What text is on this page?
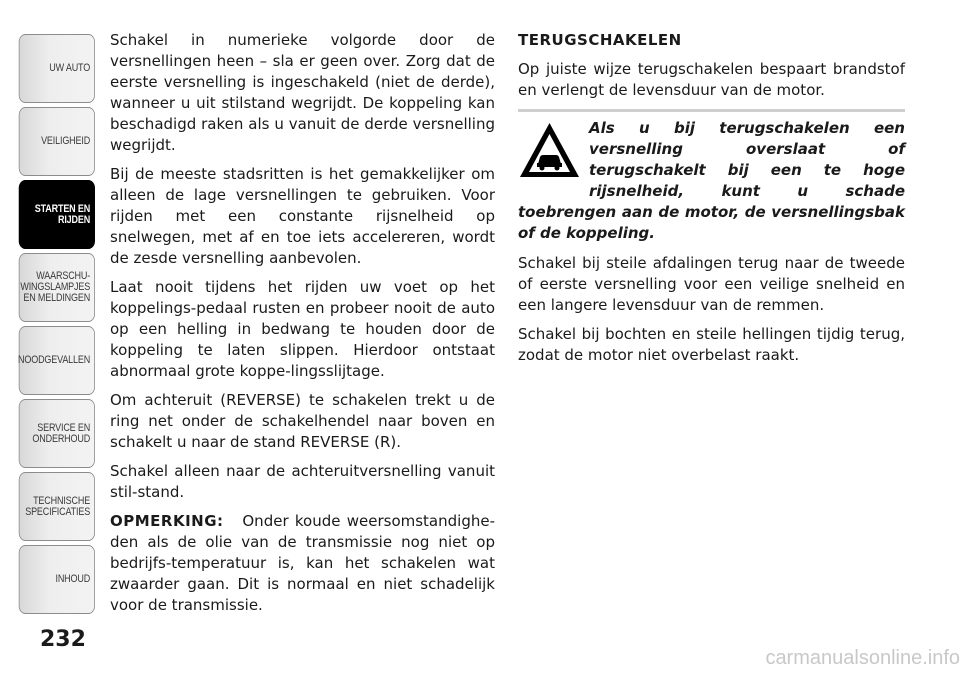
UW AUTO
VEILIGHEID
STARTEN EN
RIJDEN
WAARSCHU-
WINGSLAMPJES
EN MELDINGEN
NOODGEVALLEN
SERVICE EN
ONDERHOUD
TECHNISCHE
SPECIFICATIES
INHOUD
232

Schakel in numerieke volgorde door de versnellingen heen – sla er geen over. Zorg dat de eerste versnelling is ingeschakeld (niet de derde), wanneer u uit stilstand wegrijdt. De koppeling kan beschadigd raken als u vanuit de derde versnelling wegrijdt.

Bij de meeste stadsritten is het gemakkelijker om alleen de lage versnellingen te gebruiken. Voor rijden met een constante rijsnelheid op snelwegen, met af en toe iets accelereren, wordt de zesde versnelling aanbevolen.

Laat nooit tijdens het rijden uw voet op het koppelings-pedaal rusten en probeer nooit de auto op een helling in bedwang te houden door de koppeling te laten slippen. Hierdoor ontstaat abnormaal grote koppe-lingsslijtage.

Om achteruit (REVERSE) te schakelen trekt u de ring net onder de schakelhendel naar boven en schakelt u naar de stand REVERSE (R).

Schakel alleen naar de achteruitversnelling vanuit stil-stand.

OPMERKING: Onder koude weersomstandighe-den als de olie van de transmissie nog niet op bedrijfs-temperatuur is, kan het schakelen wat zwaarder gaan. Dit is normaal en niet schadelijk voor de transmissie.

TERUGSCHAKELEN

Op juiste wijze terugschakelen bespaart brandstof en verlengt de levensduur van de motor.

Als u bij terugschakelen een versnelling overslaat of terugschakelt bij een te hoge rijsnelheid, kunt u schade toebrengen aan de motor, de versnellingsbak of de koppeling.

Schakel bij steile afdalingen terug naar de tweede of eerste versnelling voor een veilige snelheid en een langere levensduur van de remmen.

Schakel bij bochten en steile hellingen tijdig terug, zodat de motor niet overbelast raakt.

carmanualsonline.info
